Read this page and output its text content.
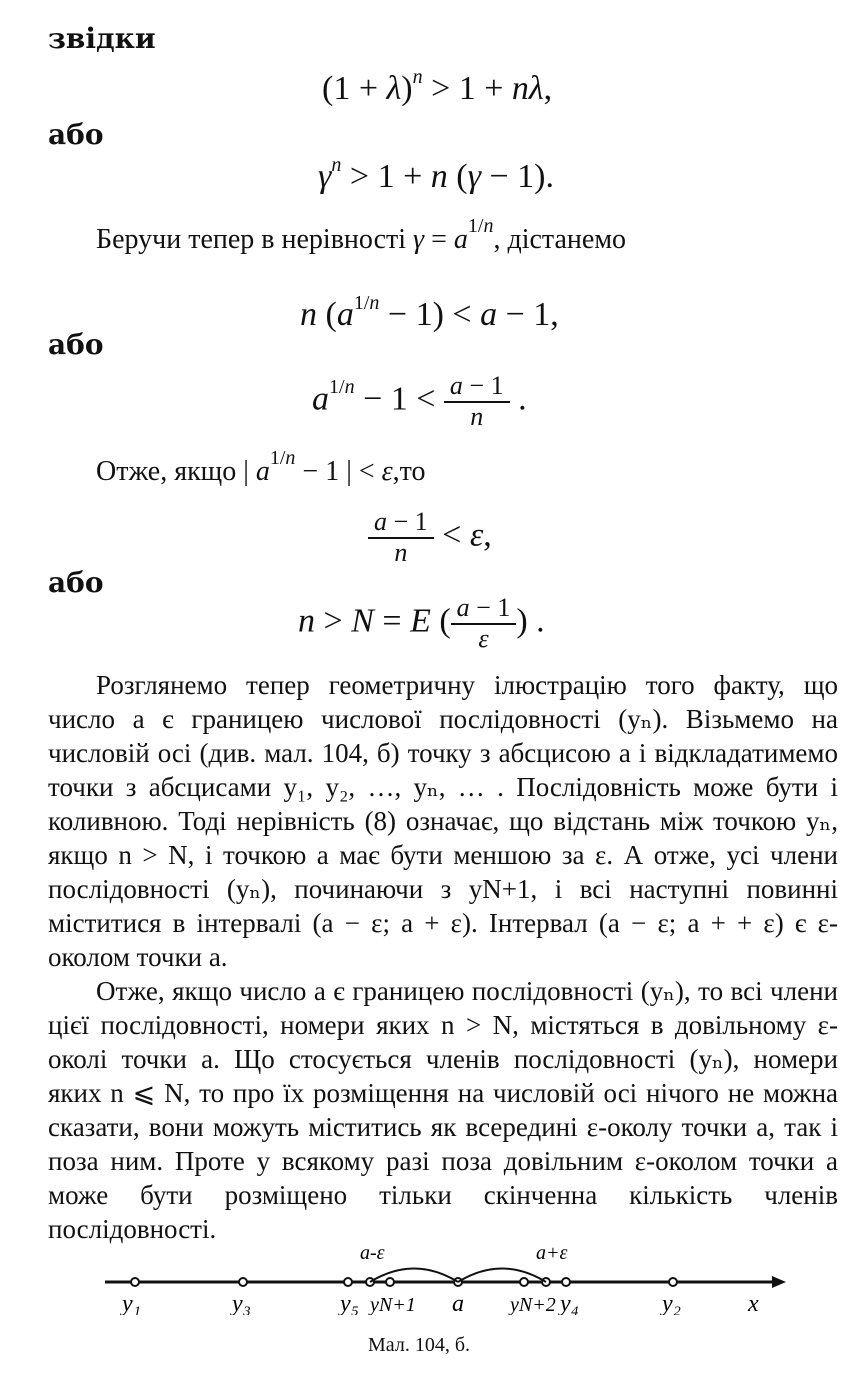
звідки
$(1 + \lambda)^n > 1 + n\lambda$,
або
$\gamma^n > 1 + n$ (γ − 1).
Беручи тепер в нерівності $\gamma = a^{1/n}$, дістанемо
n $(a^{1/n} - 1) < a - 1$,
або
$a^{1/n} - 1 < \frac{a - 1}{n}$ .
Отже, якщо | $a^{1/n} - 1$ | < ε,то
$\frac{a - 1}{n} < \varepsilon$,
або
n > N = E ( $\frac{a - 1}{\varepsilon}$ ) .

Розглянемо тепер геометричну ілюстрацію того факту, що число a є границею числової послідовності (yₙ). Візьмемо на числовій осі (див. мал. 104, б) точку з абсцисою a і відкладатимемо точки з абсцисами y₁, y₂, …, yₙ, … . Послідовність може бути і коливною. Тоді нерівність (8) означає, що відстань між точкою yₙ, якщо n > N, і точкою a має бути меншою за ε. А отже, усі члени послідовності (yₙ), починаючи з yN+1, і всі наступні повинні міститися в інтервалі (a − ε; a + ε). Інтервал (a − ε; a + + ε) є ε-околом точки a.

Отже, якщо число a є границею послідовності (yₙ), то всі члени цієї послідовності, номери яких n > N, містяться в довільному ε-околі точки a. Що стосується членів послідовності (yₙ), номери яких n ⩽ N, то про їх розміщення на числовій осі нічого не можна сказати, вони можуть міститись як всередині ε-околу точки a, так і поза ним. Проте у всякому разі поза довільним ε-околом точки a може бути розміщено тільки скінченна кількість членів послідовності.

a-ε	a+ε
y₁	y₃	y₅ yN+1 a yN+2 y₄	y₂	x
Мал. 104, б.
